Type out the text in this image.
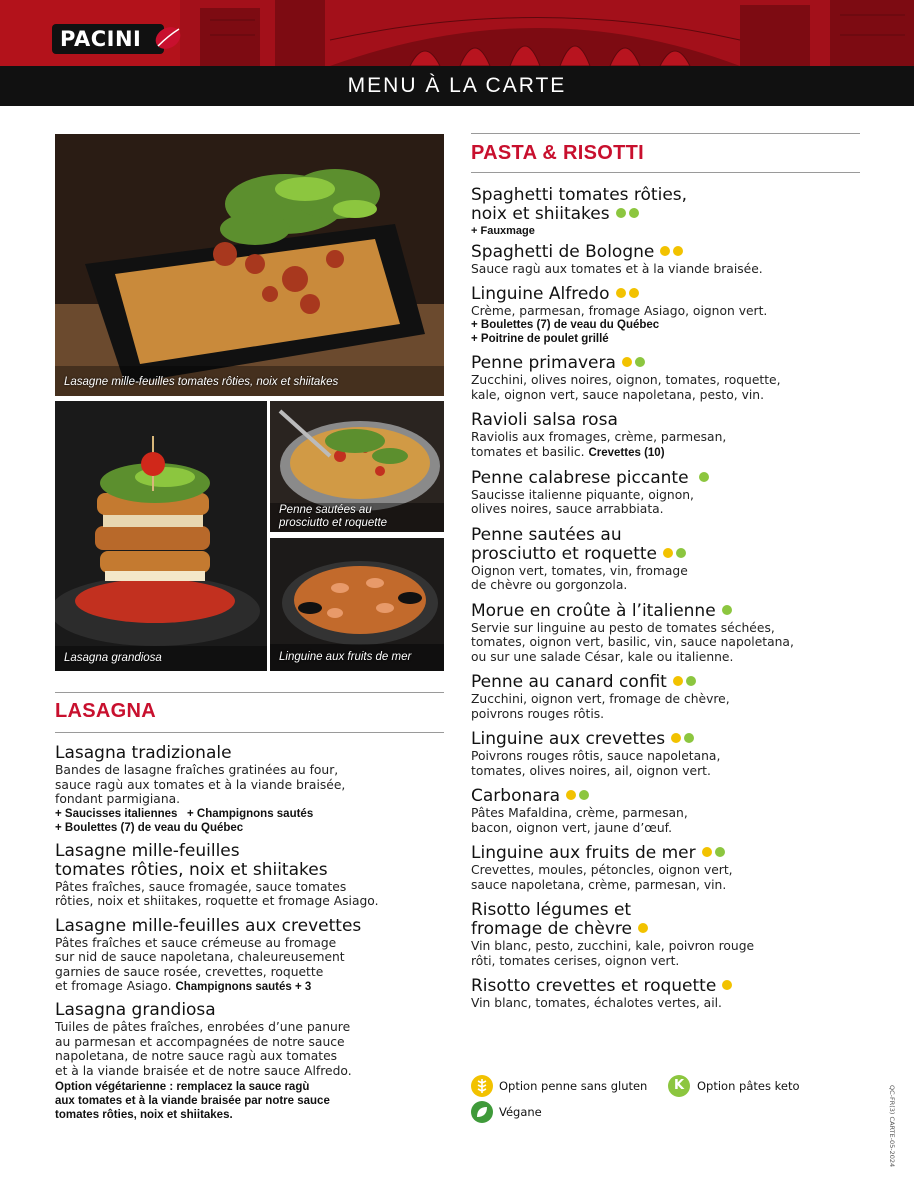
PACINI
MENU À LA CARTE
Lasagne mille-feuilles tomates rôties, noix et shiitakes
Lasagna grandiosa
Penne sautées au
prosciutto et roquette
Linguine aux fruits de mer
LASAGNA
Lasagna tradizionale
Bandes de lasagne fraîches gratinées au four,
sauce ragù aux tomates et à la viande braisée,
fondant parmigiana.
+ Saucisses italiennes + Champignons sautés
+ Boulettes (7) de veau du Québec
Lasagne mille-feuilles
tomates rôties, noix et shiitakes
Pâtes fraîches, sauce fromagée, sauce tomates
rôties, noix et shiitakes, roquette et fromage Asiago.
Lasagne mille-feuilles aux crevettes
Pâtes fraîches et sauce crémeuse au fromage
sur nid de sauce napoletana, chaleureusement
garnies de sauce rosée, crevettes, roquette
et fromage Asiago. Champignons sautés + 3
Lasagna grandiosa
Tuiles de pâtes fraîches, enrobées d’une panure
au parmesan et accompagnées de notre sauce
napoletana, de notre sauce ragù aux tomates
et à la viande braisée et de notre sauce Alfredo.
Option végétarienne : remplacez la sauce ragù
aux tomates et à la viande braisée par notre sauce
tomates rôties, noix et shiitakes.
PASTA & RISOTTI
Spaghetti tomates rôties,
noix et shiitakes
+ Fauxmage
Spaghetti de Bologne
Sauce ragù aux tomates et à la viande braisée.
Linguine Alfredo
Crème, parmesan, fromage Asiago, oignon vert.
+ Boulettes (7) de veau du Québec
+ Poitrine de poulet grillé
Penne primavera
Zucchini, olives noires, oignon, tomates, roquette,
kale, oignon vert, sauce napoletana, pesto, vin.
Ravioli salsa rosa
Raviolis aux fromages, crème, parmesan,
tomates et basilic. Crevettes (10)
Penne calabrese piccante
Saucisse italienne piquante, oignon,
olives noires, sauce arrabbiata.
Penne sautées au
prosciutto et roquette
Oignon vert, tomates, vin, fromage
de chèvre ou gorgonzola.
Morue en croûte à l’italienne
Servie sur linguine au pesto de tomates séchées,
tomates, oignon vert, basilic, vin, sauce napoletana,
ou sur une salade César, kale ou italienne.
Penne au canard confit
Zucchini, oignon vert, fromage de chèvre,
poivrons rouges rôtis.
Linguine aux crevettes
Poivrons rouges rôtis, sauce napoletana,
tomates, olives noires, ail, oignon vert.
Carbonara
Pâtes Mafaldina, crème, parmesan,
bacon, oignon vert, jaune d’œuf.
Linguine aux fruits de mer
Crevettes, moules, pétoncles, oignon vert,
sauce napoletana, crème, parmesan, vin.
Risotto légumes et
fromage de chèvre
Vin blanc, pesto, zucchini, kale, poivron rouge
rôti, tomates cerises, oignon vert.
Risotto crevettes et roquette
Vin blanc, tomates, échalotes vertes, ail.
Option penne sans gluten	K	Option pâtes keto
Végane	QC-FR(3) CARTE-05-2024
